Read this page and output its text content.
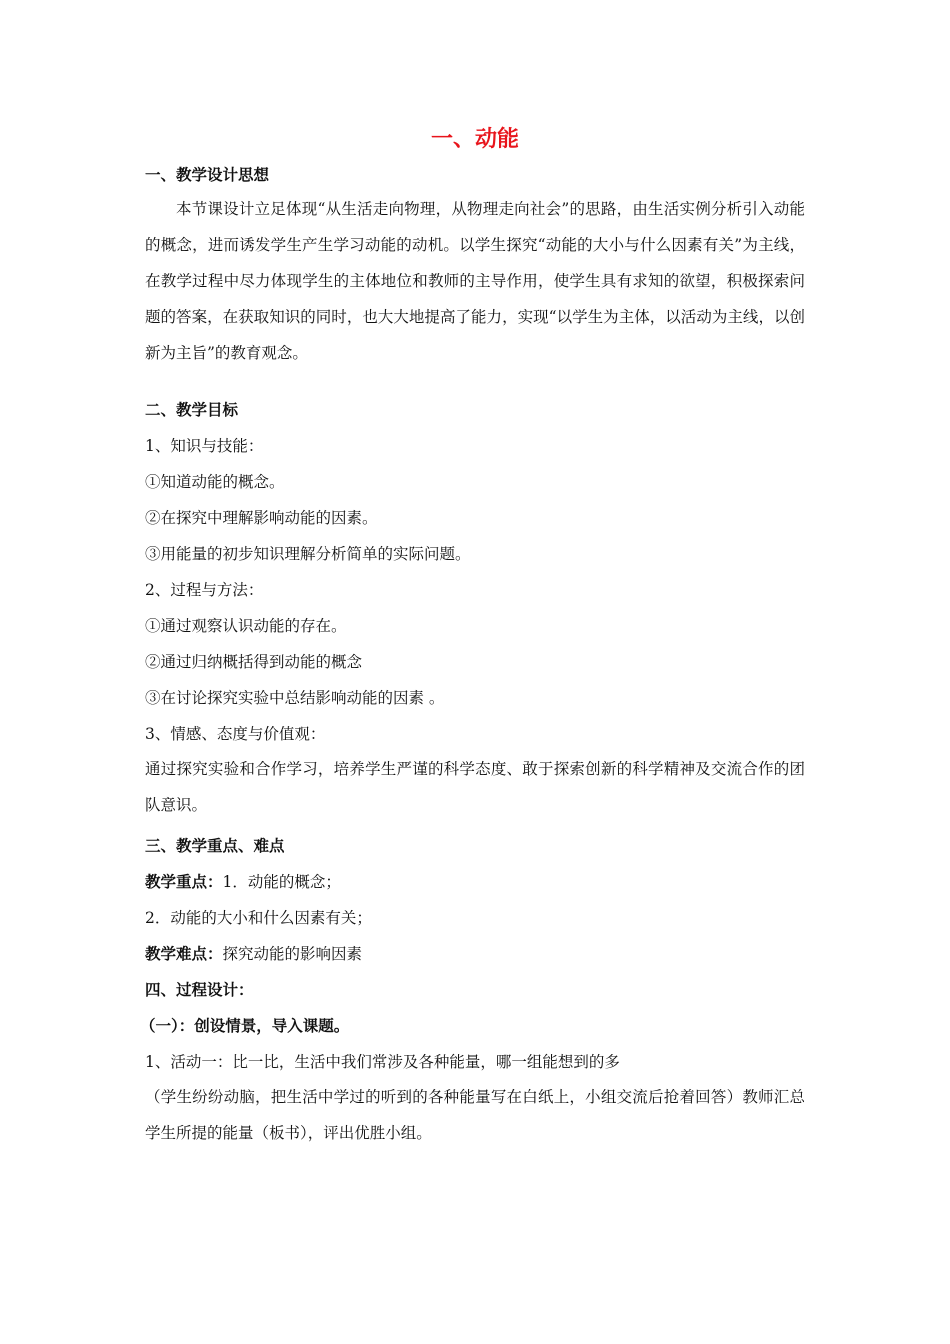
一、动能
一、教学设计思想
本节课设计立足体现“从生活走向物理，从物理走向社会”的思路，由生活实例分析引入动能的概念，进而诱发学生产生学习动能的动机。以学生探究“动能的大小与什么因素有关”为主线，在教学过程中尽力体现学生的主体地位和教师的主导作用，使学生具有求知的欲望，积极探索问题的答案，在获取知识的同时，也大大地提高了能力，实现“以学生为主体，以活动为主线，以创新为主旨”的教育观念。
二、教学目标
1、知识与技能：
①知道动能的概念。
②在探究中理解影响动能的因素。
③用能量的初步知识理解分析简单的实际问题。
2、过程与方法：
①通过观察认识动能的存在。
②通过归纳概括得到动能的概念
③在讨论探究实验中总结影响动能的因素 。
3、情感、态度与价值观：
通过探究实验和合作学习，培养学生严谨的科学态度、敢于探索创新的科学精神及交流合作的团队意识。
三、教学重点、难点
教学重点：1．动能的概念；
2．动能的大小和什么因素有关；
教学难点：探究动能的影响因素
四、过程设计：
（一）：创设情景，导入课题。
1、活动一：比一比，生活中我们常涉及各种能量，哪一组能想到的多
（学生纷纷动脑，把生活中学过的听到的各种能量写在白纸上，小组交流后抢着回答）教师汇总学生所提的能量（板书），评出优胜小组。
